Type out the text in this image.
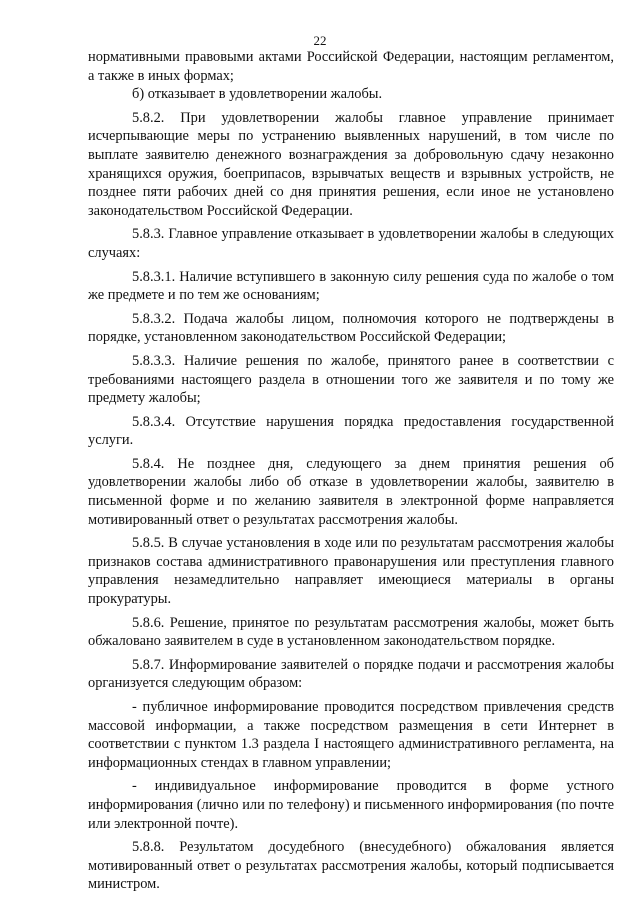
22

нормативными правовыми актами Российской Федерации, настоящим регламентом, а также в иных формах;

б) отказывает в удовлетворении жалобы.

5.8.2. При удовлетворении жалобы главное управление принимает исчерпывающие меры по устранению выявленных нарушений, в том числе по выплате заявителю денежного вознаграждения за добровольную сдачу незаконно хранящихся оружия, боеприпасов, взрывчатых веществ и взрывных устройств, не позднее пяти рабочих дней со дня принятия решения, если иное не установлено законодательством Российской Федерации.

5.8.3. Главное управление отказывает в удовлетворении жалобы в следующих случаях:

5.8.3.1. Наличие вступившего в законную силу решения суда по жалобе о том же предмете и по тем же основаниям;

5.8.3.2. Подача жалобы лицом, полномочия которого не подтверждены в порядке, установленном законодательством Российской Федерации;

5.8.3.3. Наличие решения по жалобе, принятого ранее в соответствии с требованиями настоящего раздела в отношении того же заявителя и по тому же предмету жалобы;

5.8.3.4. Отсутствие нарушения порядка предоставления государственной услуги.

5.8.4. Не позднее дня, следующего за днем принятия решения об удовлетворении жалобы либо об отказе в удовлетворении жалобы, заявителю в письменной форме и по желанию заявителя в электронной форме направляется мотивированный ответ о результатах рассмотрения жалобы.

5.8.5. В случае установления в ходе или по результатам рассмотрения жалобы признаков состава административного правонарушения или преступления главного управления незамедлительно направляет имеющиеся материалы в органы прокуратуры.

5.8.6. Решение, принятое по результатам рассмотрения жалобы, может быть обжаловано заявителем в суде в установленном законодательством порядке.

5.8.7. Информирование заявителей о порядке подачи и рассмотрения жалобы организуется следующим образом:

- публичное информирование проводится посредством привлечения средств массовой информации, а также посредством размещения в сети Интернет в соответствии с пунктом 1.3 раздела I настоящего административного регламента, на информационных стендах в главном управлении;

- индивидуальное информирование проводится в форме устного информирования (лично или по телефону) и письменного информирования (по почте или электронной почте).

5.8.8. Результатом досудебного (внесудебного) обжалования является мотивированный ответ о результатах рассмотрения жалобы, который подписывается министром.
